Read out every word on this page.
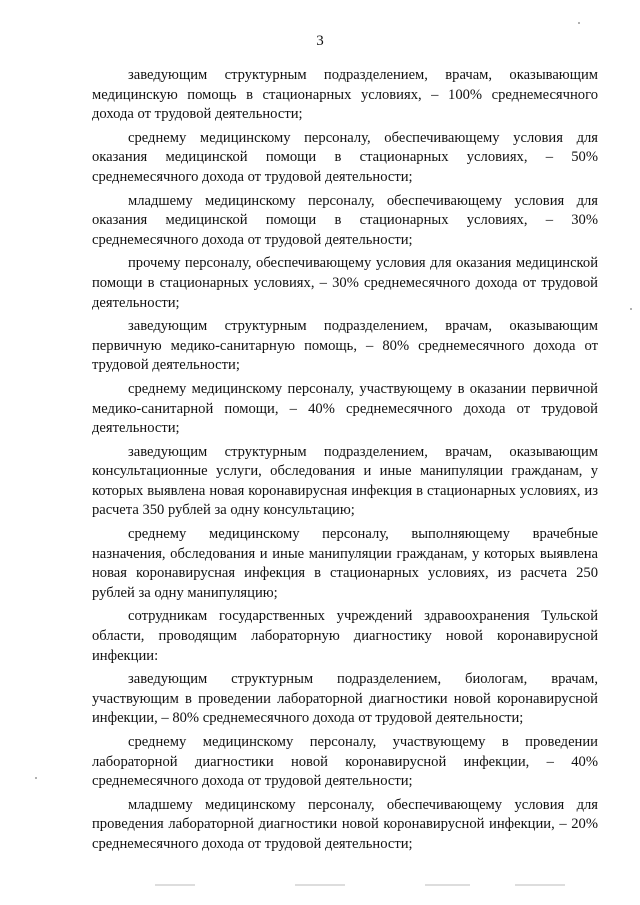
3

заведующим структурным подразделением, врачам, оказывающим медицинскую помощь в стационарных условиях, – 100% среднемесячного дохода от трудовой деятельности;

среднему медицинскому персоналу, обеспечивающему условия для оказания медицинской помощи в стационарных условиях, – 50% среднемесячного дохода от трудовой деятельности;

младшему медицинскому персоналу, обеспечивающему условия для оказания медицинской помощи в стационарных условиях, – 30% среднемесячного дохода от трудовой деятельности;

прочему персоналу, обеспечивающему условия для оказания медицинской помощи в стационарных условиях, – 30% среднемесячного дохода от трудовой деятельности;

заведующим структурным подразделением, врачам, оказывающим первичную медико-санитарную помощь, – 80% среднемесячного дохода от трудовой деятельности;

среднему медицинскому персоналу, участвующему в оказании первичной медико-санитарной помощи, – 40% среднемесячного дохода от трудовой деятельности;

заведующим структурным подразделением, врачам, оказывающим консультационные услуги, обследования и иные манипуляции гражданам, у которых выявлена новая коронавирусная инфекция в стационарных условиях, из расчета 350 рублей за одну консультацию;

среднему медицинскому персоналу, выполняющему врачебные назначения, обследования и иные манипуляции гражданам, у которых выявлена новая коронавирусная инфекция в стационарных условиях, из расчета 250 рублей за одну манипуляцию;

сотрудникам государственных учреждений здравоохранения Тульской области, проводящим лабораторную диагностику новой коронавирусной инфекции:

заведующим структурным подразделением, биологам, врачам, участвующим в проведении лабораторной диагностики новой коронавирусной инфекции, – 80% среднемесячного дохода от трудовой деятельности;

среднему медицинскому персоналу, участвующему в проведении лабораторной диагностики новой коронавирусной инфекции, – 40% среднемесячного дохода от трудовой деятельности;

младшему медицинскому персоналу, обеспечивающему условия для проведения лабораторной диагностики новой коронавирусной инфекции, – 20% среднемесячного дохода от трудовой деятельности;
